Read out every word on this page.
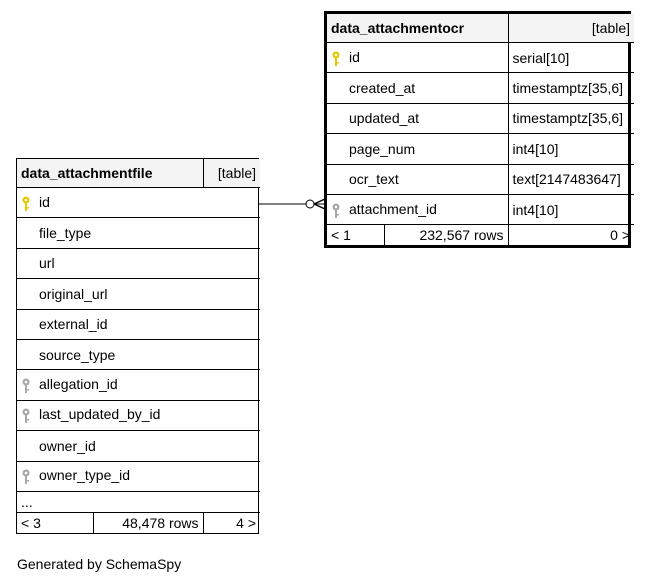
data_attachmentocr		[table]
id		serial[10]
created_at		timestamptz[35,6]
updated_at		timestamptz[35,6]
page_num		int4[10]
ocr_text		text[2147483647]
attachment_id		int4[10]
< 1	232,567 rows	0 >
data_attachmentfile		[table]
id		
file_type		
url		
original_url		
external_id		
source_type		
allegation_id		
last_updated_by_id		
owner_id		
owner_type_id		
...		
< 3	48,478 rows	4 >
Generated by SchemaSpy
